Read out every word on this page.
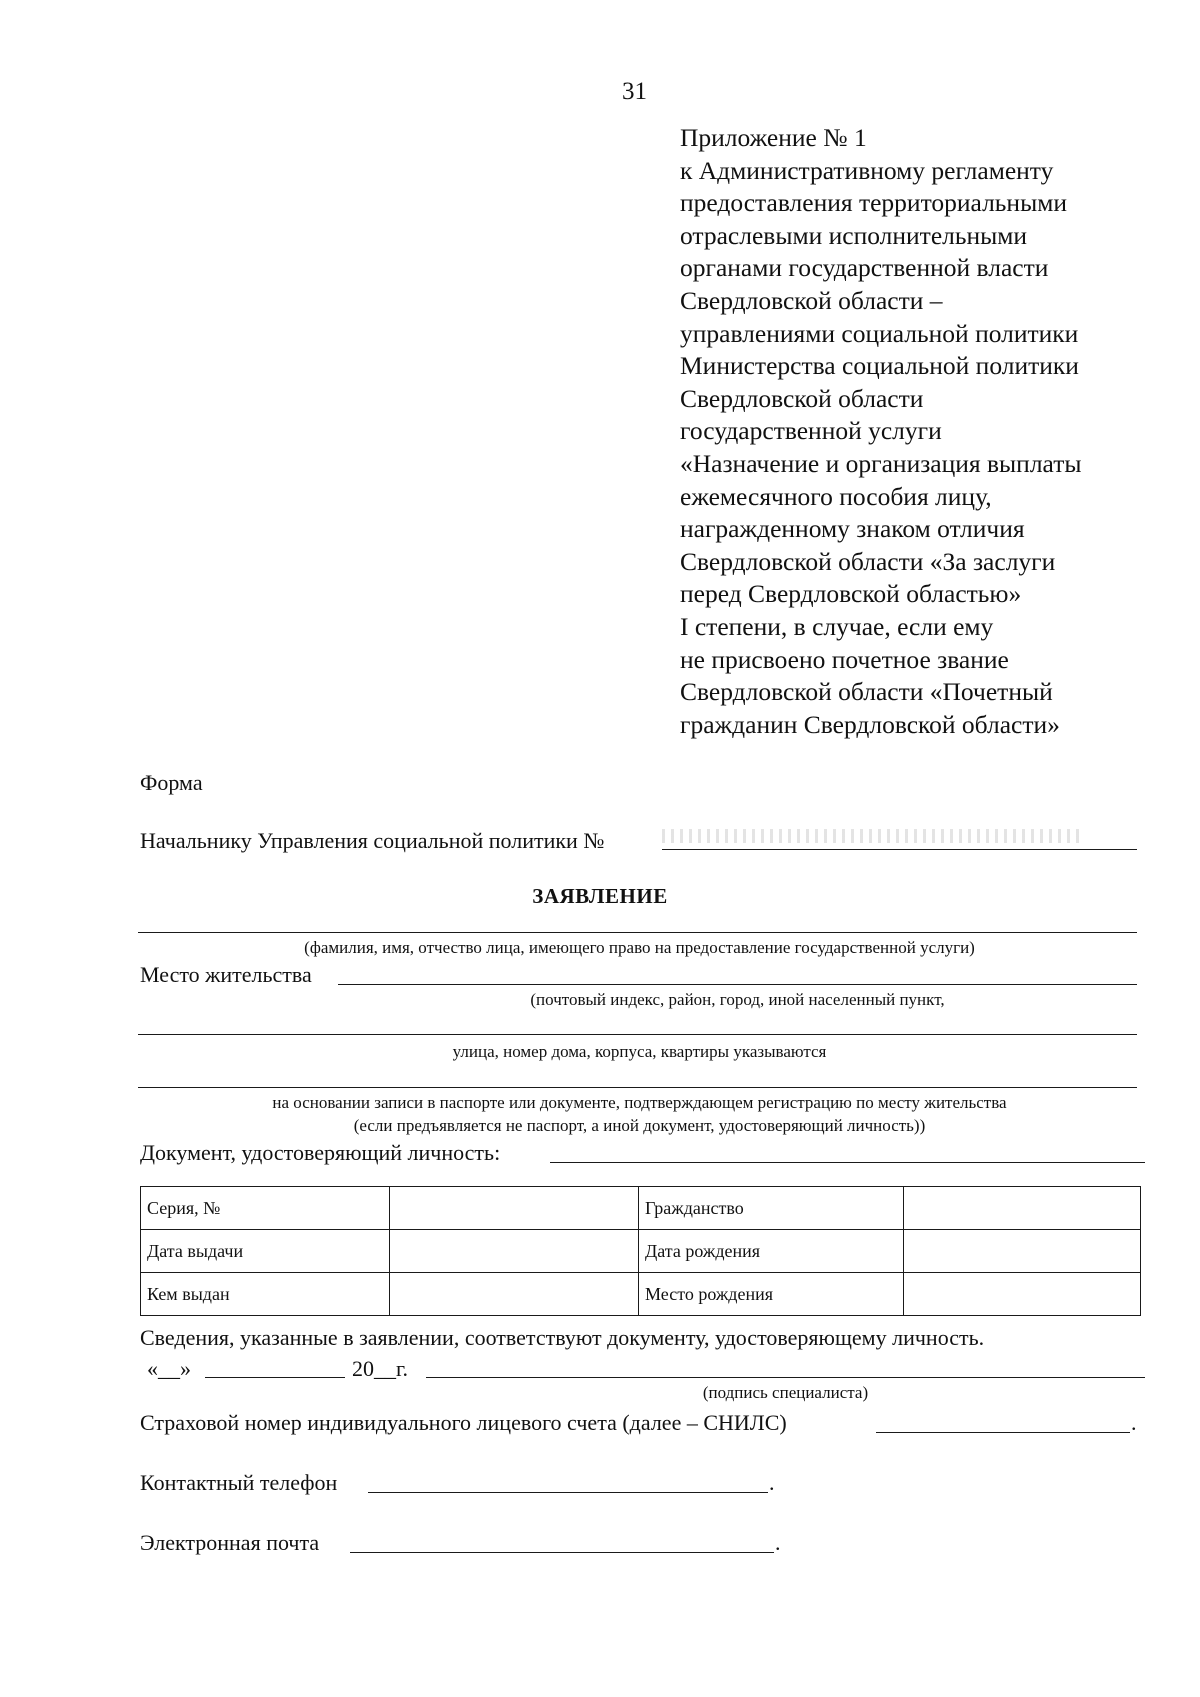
31
Приложение № 1
к Административному регламенту
предоставления территориальными
отраслевыми исполнительными
органами государственной власти
Свердловской области –
управлениями социальной политики
Министерства социальной политики
Свердловской области
государственной услуги
«Назначение и организация выплаты
ежемесячного пособия лицу,
награжденному знаком отличия
Свердловской области «За заслуги
перед Свердловской областью»
I степени, в случае, если ему
не присвоено почетное звание
Свердловской области «Почетный
гражданин Свердловской области»
Форма
Начальнику Управления социальной политики №
ЗАЯВЛЕНИЕ
(фамилия, имя, отчество лица, имеющего право на предоставление государственной услуги)
Место жительства
(почтовый индекс, район, город, иной населенный пункт,
улица, номер дома, корпуса, квартиры указываются
на основании записи в паспорте или документе, подтверждающем регистрацию по месту жительства
(если предъявляется не паспорт, а иной документ, удостоверяющий личность))
Документ, удостоверяющий личность:
Серия, №		Гражданство	
Дата выдачи		Дата рождения	
Кем выдан		Место рождения	
Сведения, указанные в заявлении, соответствуют документу, удостоверяющему личность.
«__»	20__г.
(подпись специалиста)
Страховой номер индивидуального лицевого счета (далее – СНИЛС)	.
Контактный телефон	.
Электронная почта	.
